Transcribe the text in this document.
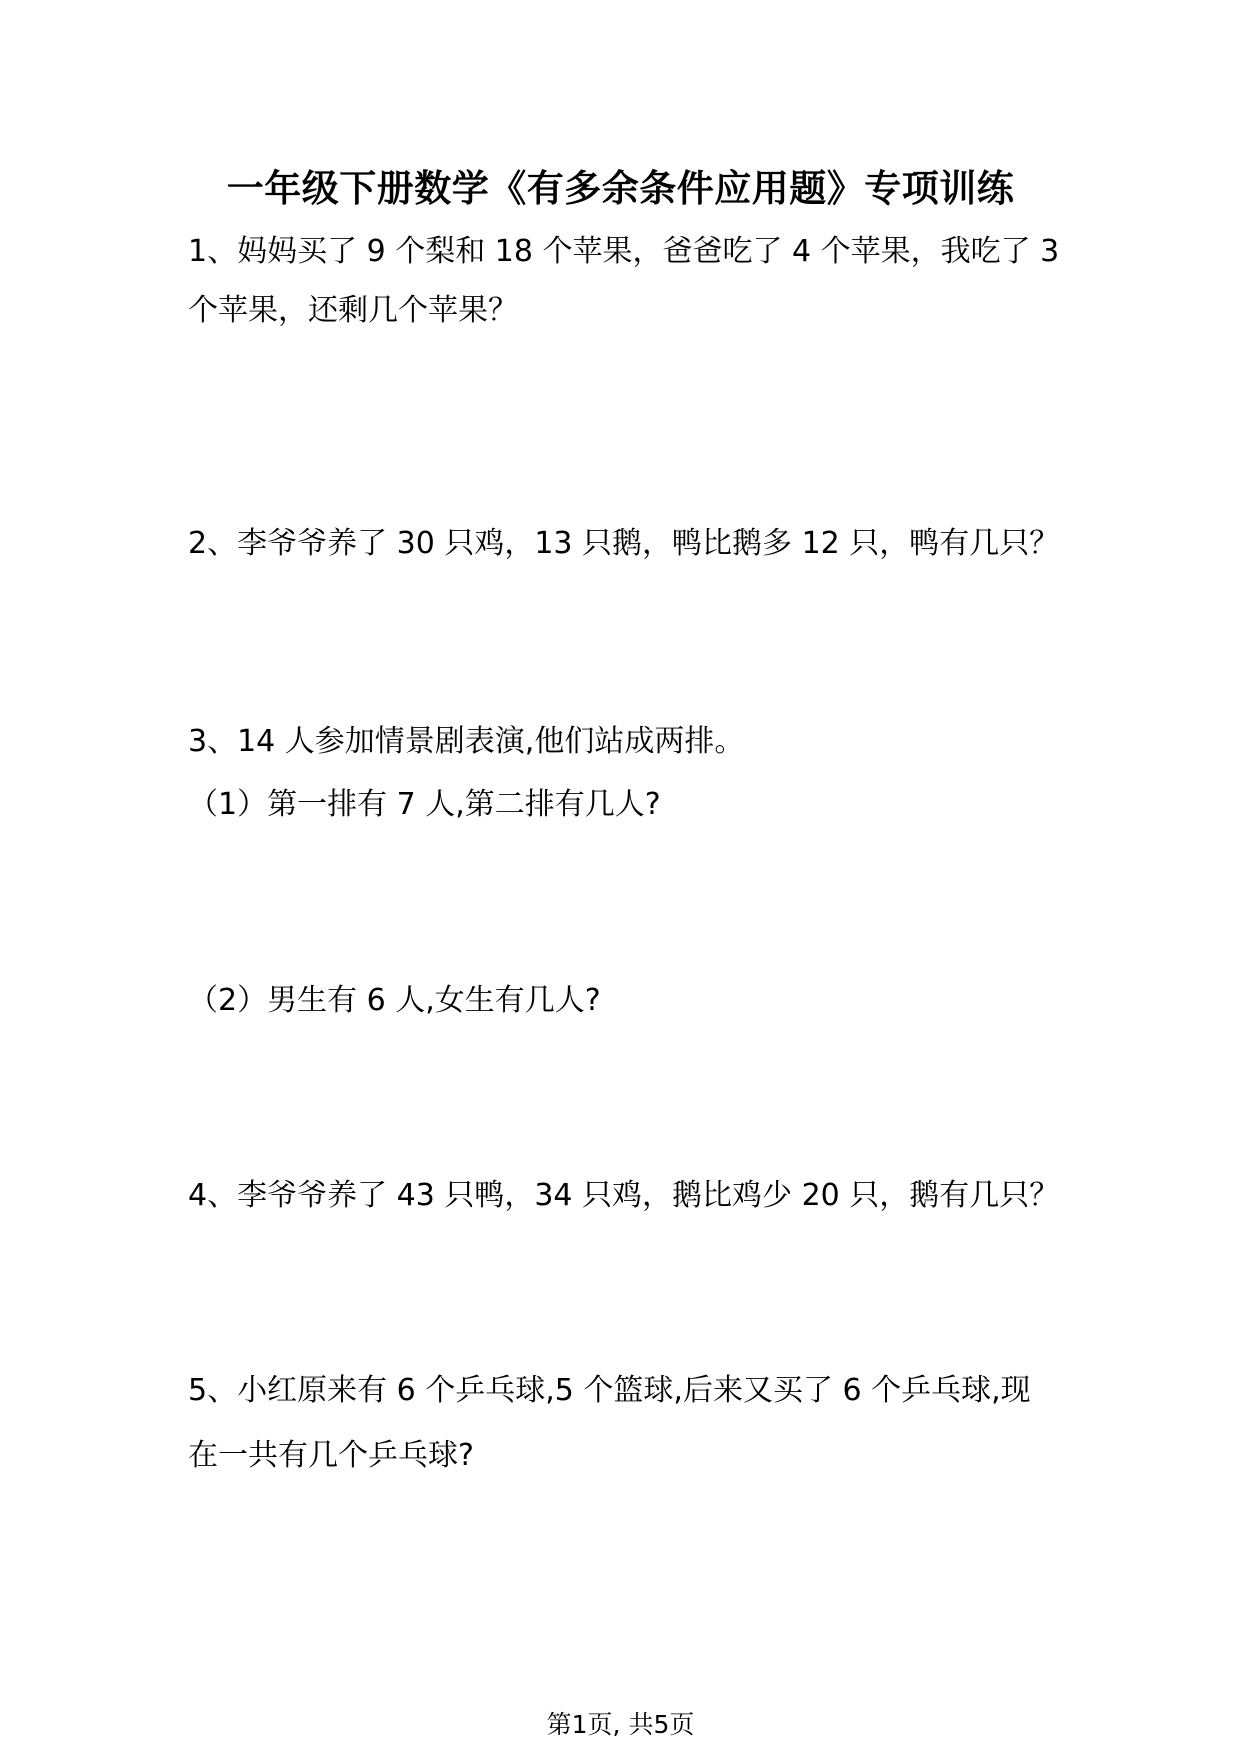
一年级下册数学《有多余条件应用题》专项训练
1、妈妈买了 9 个梨和 18 个苹果，爸爸吃了 4 个苹果，我吃了 3
个苹果，还剩几个苹果？
2、李爷爷养了 30 只鸡，13 只鹅，鸭比鹅多 12 只，鸭有几只？
3、14 人参加情景剧表演,他们站成两排。
（1）第一排有 7 人,第二排有几人?
（2）男生有 6 人,女生有几人?
4、李爷爷养了 43 只鸭，34 只鸡，鹅比鸡少 20 只，鹅有几只？
5、小红原来有 6 个乒乓球,5 个篮球,后来又买了 6 个乒乓球,现
在一共有几个乒乓球?
第1页, 共5页
